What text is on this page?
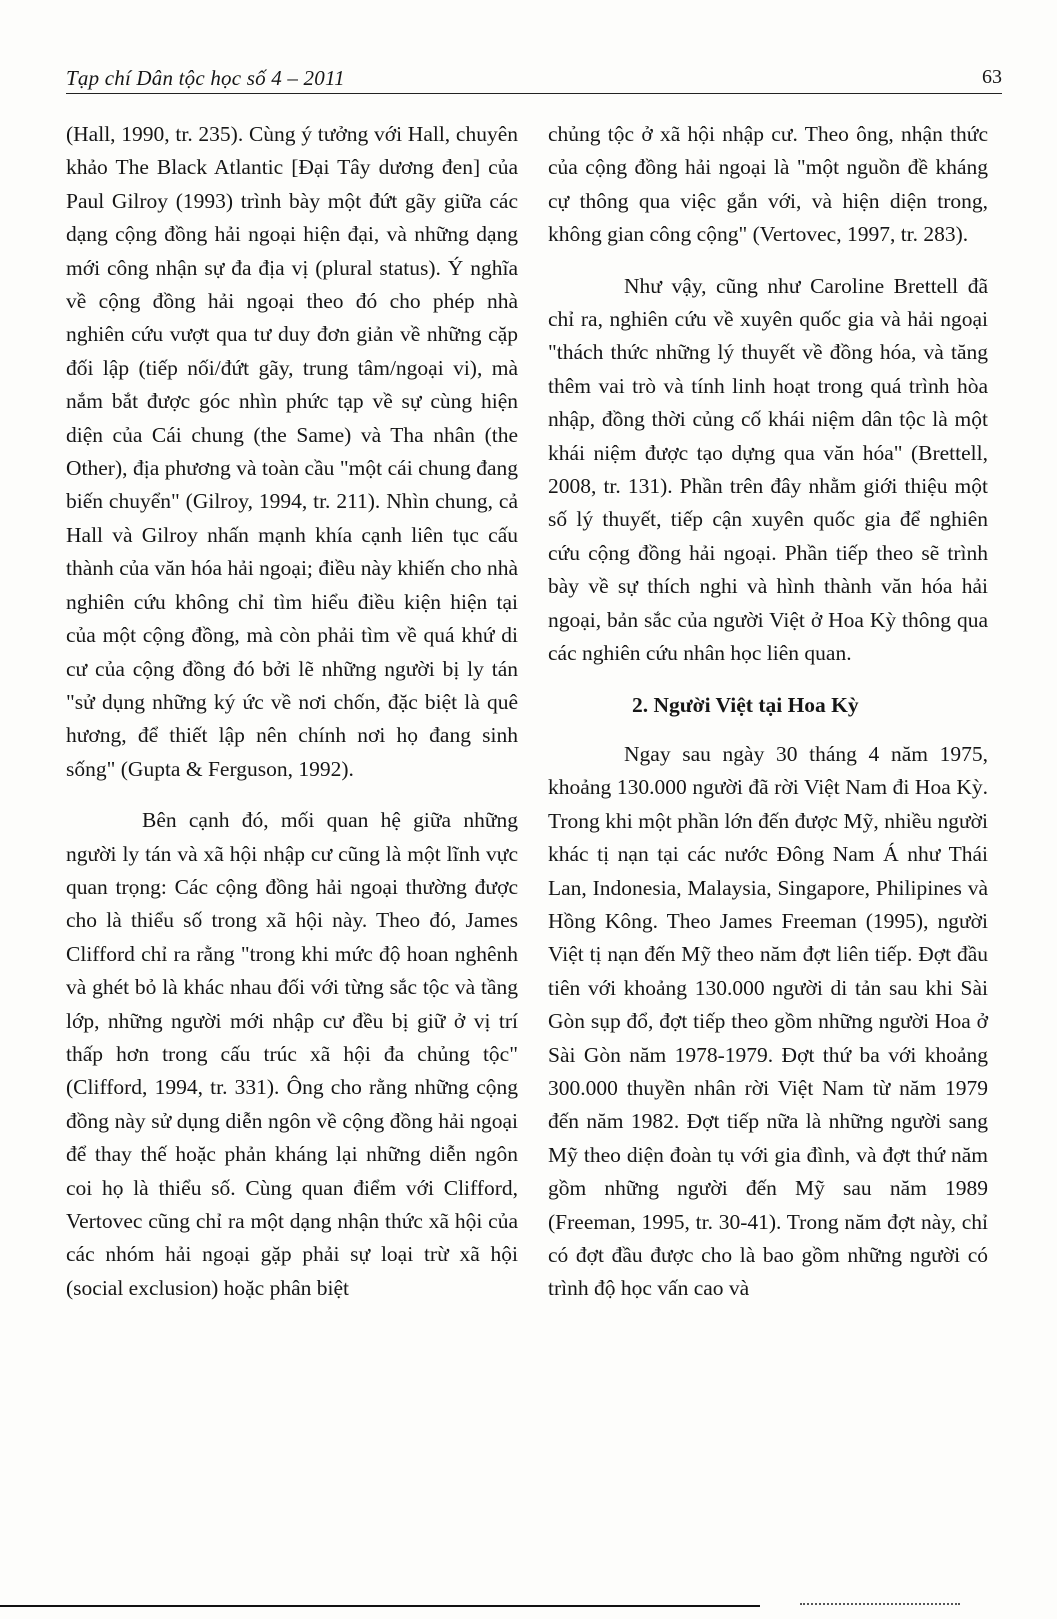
Tạp chí Dân tộc học số 4 – 2011	63

(Hall, 1990, tr. 235). Cùng ý tưởng với Hall, chuyên khảo The Black Atlantic [Đại Tây dương đen] của Paul Gilroy (1993) trình bày một đứt gãy giữa các dạng cộng đồng hải ngoại hiện đại, và những dạng mới công nhận sự đa địa vị (plural status). Ý nghĩa về cộng đồng hải ngoại theo đó cho phép nhà nghiên cứu vượt qua tư duy đơn giản về những cặp đối lập (tiếp nối/đứt gãy, trung tâm/ngoại vi), mà nắm bắt được góc nhìn phức tạp về sự cùng hiện diện của Cái chung (the Same) và Tha nhân (the Other), địa phương và toàn cầu "một cái chung đang biến chuyển" (Gilroy, 1994, tr. 211). Nhìn chung, cả Hall và Gilroy nhấn mạnh khía cạnh liên tục cấu thành của văn hóa hải ngoại; điều này khiến cho nhà nghiên cứu không chỉ tìm hiểu điều kiện hiện tại của một cộng đồng, mà còn phải tìm về quá khứ di cư của cộng đồng đó bởi lẽ những người bị ly tán "sử dụng những ký ức về nơi chốn, đặc biệt là quê hương, để thiết lập nên chính nơi họ đang sinh sống" (Gupta & Ferguson, 1992).

Bên cạnh đó, mối quan hệ giữa những người ly tán và xã hội nhập cư cũng là một lĩnh vực quan trọng: Các cộng đồng hải ngoại thường được cho là thiểu số trong xã hội này. Theo đó, James Clifford chỉ ra rằng "trong khi mức độ hoan nghênh và ghét bỏ là khác nhau đối với từng sắc tộc và tầng lớp, những người mới nhập cư đều bị giữ ở vị trí thấp hơn trong cấu trúc xã hội đa chủng tộc" (Clifford, 1994, tr. 331). Ông cho rằng những cộng đồng này sử dụng diễn ngôn về cộng đồng hải ngoại để thay thế hoặc phản kháng lại những diễn ngôn coi họ là thiểu số. Cùng quan điểm với Clifford, Vertovec cũng chỉ ra một dạng nhận thức xã hội của các nhóm hải ngoại gặp phải sự loại trừ xã hội (social exclusion) hoặc phân biệt

chủng tộc ở xã hội nhập cư. Theo ông, nhận thức của cộng đồng hải ngoại là "một nguồn đề kháng cự thông qua việc gắn với, và hiện diện trong, không gian công cộng" (Vertovec, 1997, tr. 283).

Như vậy, cũng như Caroline Brettell đã chỉ ra, nghiên cứu về xuyên quốc gia và hải ngoại "thách thức những lý thuyết về đồng hóa, và tăng thêm vai trò và tính linh hoạt trong quá trình hòa nhập, đồng thời củng cố khái niệm dân tộc là một khái niệm được tạo dựng qua văn hóa" (Brettell, 2008, tr. 131). Phần trên đây nhằm giới thiệu một số lý thuyết, tiếp cận xuyên quốc gia để nghiên cứu cộng đồng hải ngoại. Phần tiếp theo sẽ trình bày về sự thích nghi và hình thành văn hóa hải ngoại, bản sắc của người Việt ở Hoa Kỳ thông qua các nghiên cứu nhân học liên quan.

2. Người Việt tại Hoa Kỳ

Ngay sau ngày 30 tháng 4 năm 1975, khoảng 130.000 người đã rời Việt Nam đi Hoa Kỳ. Trong khi một phần lớn đến được Mỹ, nhiều người khác tị nạn tại các nước Đông Nam Á như Thái Lan, Indonesia, Malaysia, Singapore, Philipines và Hồng Kông. Theo James Freeman (1995), người Việt tị nạn đến Mỹ theo năm đợt liên tiếp. Đợt đầu tiên với khoảng 130.000 người di tản sau khi Sài Gòn sụp đổ, đợt tiếp theo gồm những người Hoa ở Sài Gòn năm 1978-1979. Đợt thứ ba với khoảng 300.000 thuyền nhân rời Việt Nam từ năm 1979 đến năm 1982. Đợt tiếp nữa là những người sang Mỹ theo diện đoàn tụ với gia đình, và đợt thứ năm gồm những người đến Mỹ sau năm 1989 (Freeman, 1995, tr. 30-41). Trong năm đợt này, chỉ có đợt đầu được cho là bao gồm những người có trình độ học vấn cao và
